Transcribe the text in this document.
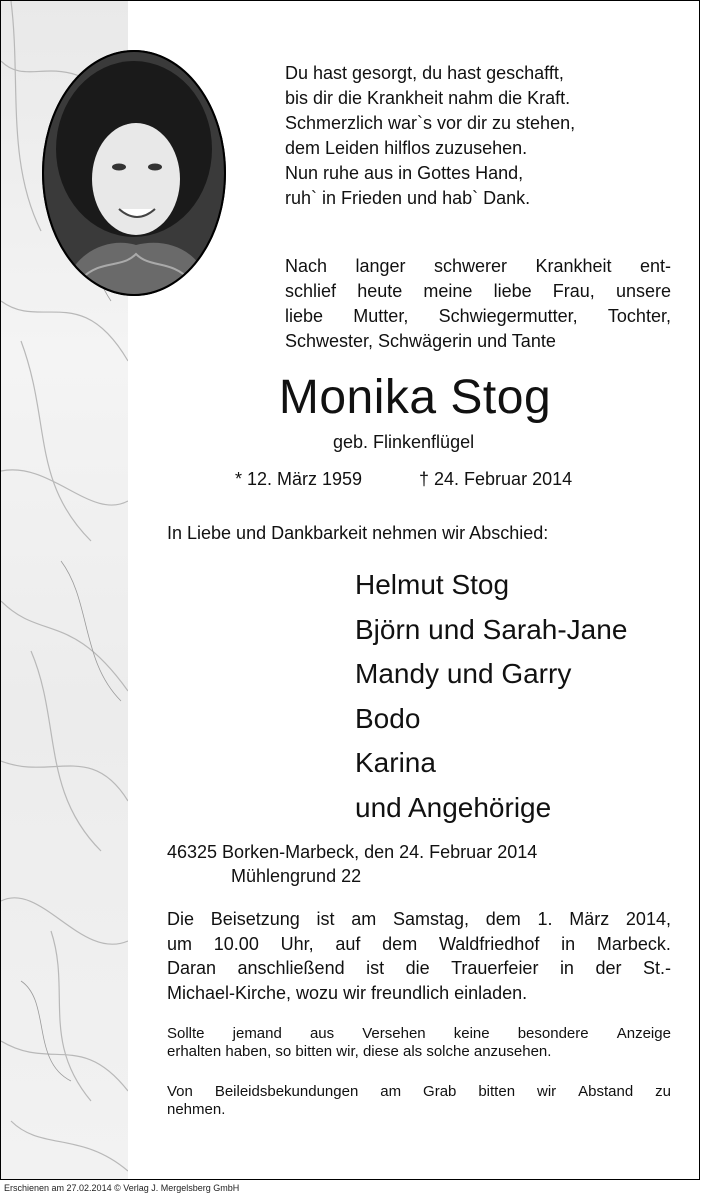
Du hast gesorgt, du hast geschafft,
bis dir die Krankheit nahm die Kraft.
Schmerzlich war`s vor dir zu stehen,
dem Leiden hilflos zuzusehen.
Nun ruhe aus in Gottes Hand,
ruh` in Frieden und hab` Dank.
Nach langer schwerer Krankheit ent-
schlief heute meine liebe Frau, unsere
liebe Mutter, Schwiegermutter, Tochter,
Schwester, Schwägerin und Tante
Monika Stog
geb. Flinkenflügel
* 12. März 1959	† 24. Februar 2014
In Liebe und Dankbarkeit nehmen wir Abschied:
Helmut Stog
Björn und Sarah-Jane
Mandy und Garry
Bodo
Karina
und Angehörige
46325 Borken-Marbeck, den 24. Februar 2014
Mühlengrund 22
Die Beisetzung ist am Samstag, dem 1. März 2014,
um 10.00 Uhr, auf dem Waldfriedhof in Marbeck.
Daran anschließend ist die Trauerfeier in der St.-
Michael-Kirche, wozu wir freundlich einladen.
Sollte jemand aus Versehen keine besondere Anzeige
erhalten haben, so bitten wir, diese als solche anzusehen.
Von Beileidsbekundungen am Grab bitten wir Abstand zu
nehmen.
Erschienen am 27.02.2014 © Verlag J. Mergelsberg GmbH
